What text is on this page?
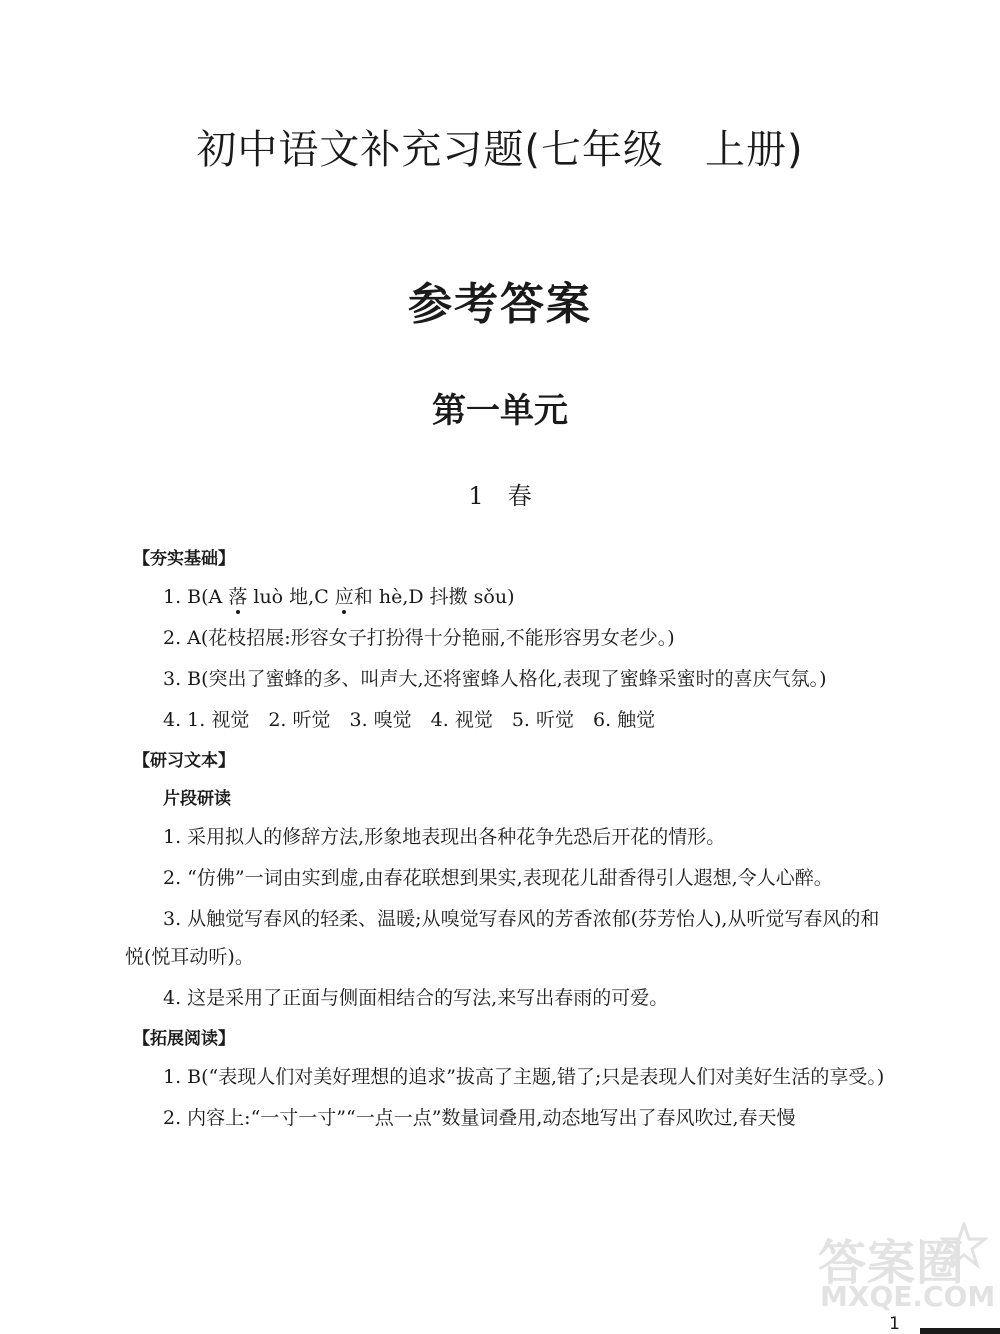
初中语文补充习题(七年级　上册)
参考答案
第一单元
1　春
【夯实基础】
1. B(A 落 luò 地,C 应和 hè,D 抖擞 sǒu)
2. A(花枝招展:形容女子打扮得十分艳丽,不能形容男女老少。)
3. B(突出了蜜蜂的多、叫声大,还将蜜蜂人格化,表现了蜜蜂采蜜时的喜庆气氛。)
4. 1. 视觉　2. 听觉　3. 嗅觉　4. 视觉　5. 听觉　6. 触觉
【研习文本】
片段研读
1. 采用拟人的修辞方法,形象地表现出各种花争先恐后开花的情形。
2. “仿佛”一词由实到虚,由春花联想到果实,表现花儿甜香得引人遐想,令人心醉。
3. 从触觉写春风的轻柔、温暖;从嗅觉写春风的芳香浓郁(芬芳怡人),从听觉写春风的和悦(悦耳动听)。
4. 这是采用了正面与侧面相结合的写法,来写出春雨的可爱。
【拓展阅读】
1. B(“表现人们对美好理想的追求”拔高了主题,错了;只是表现人们对美好生活的享受。)
2. 内容上:“一寸一寸”“一点一点”数量词叠用,动态地写出了春风吹过,春天慢
答案圈
MXQE.COM
1
